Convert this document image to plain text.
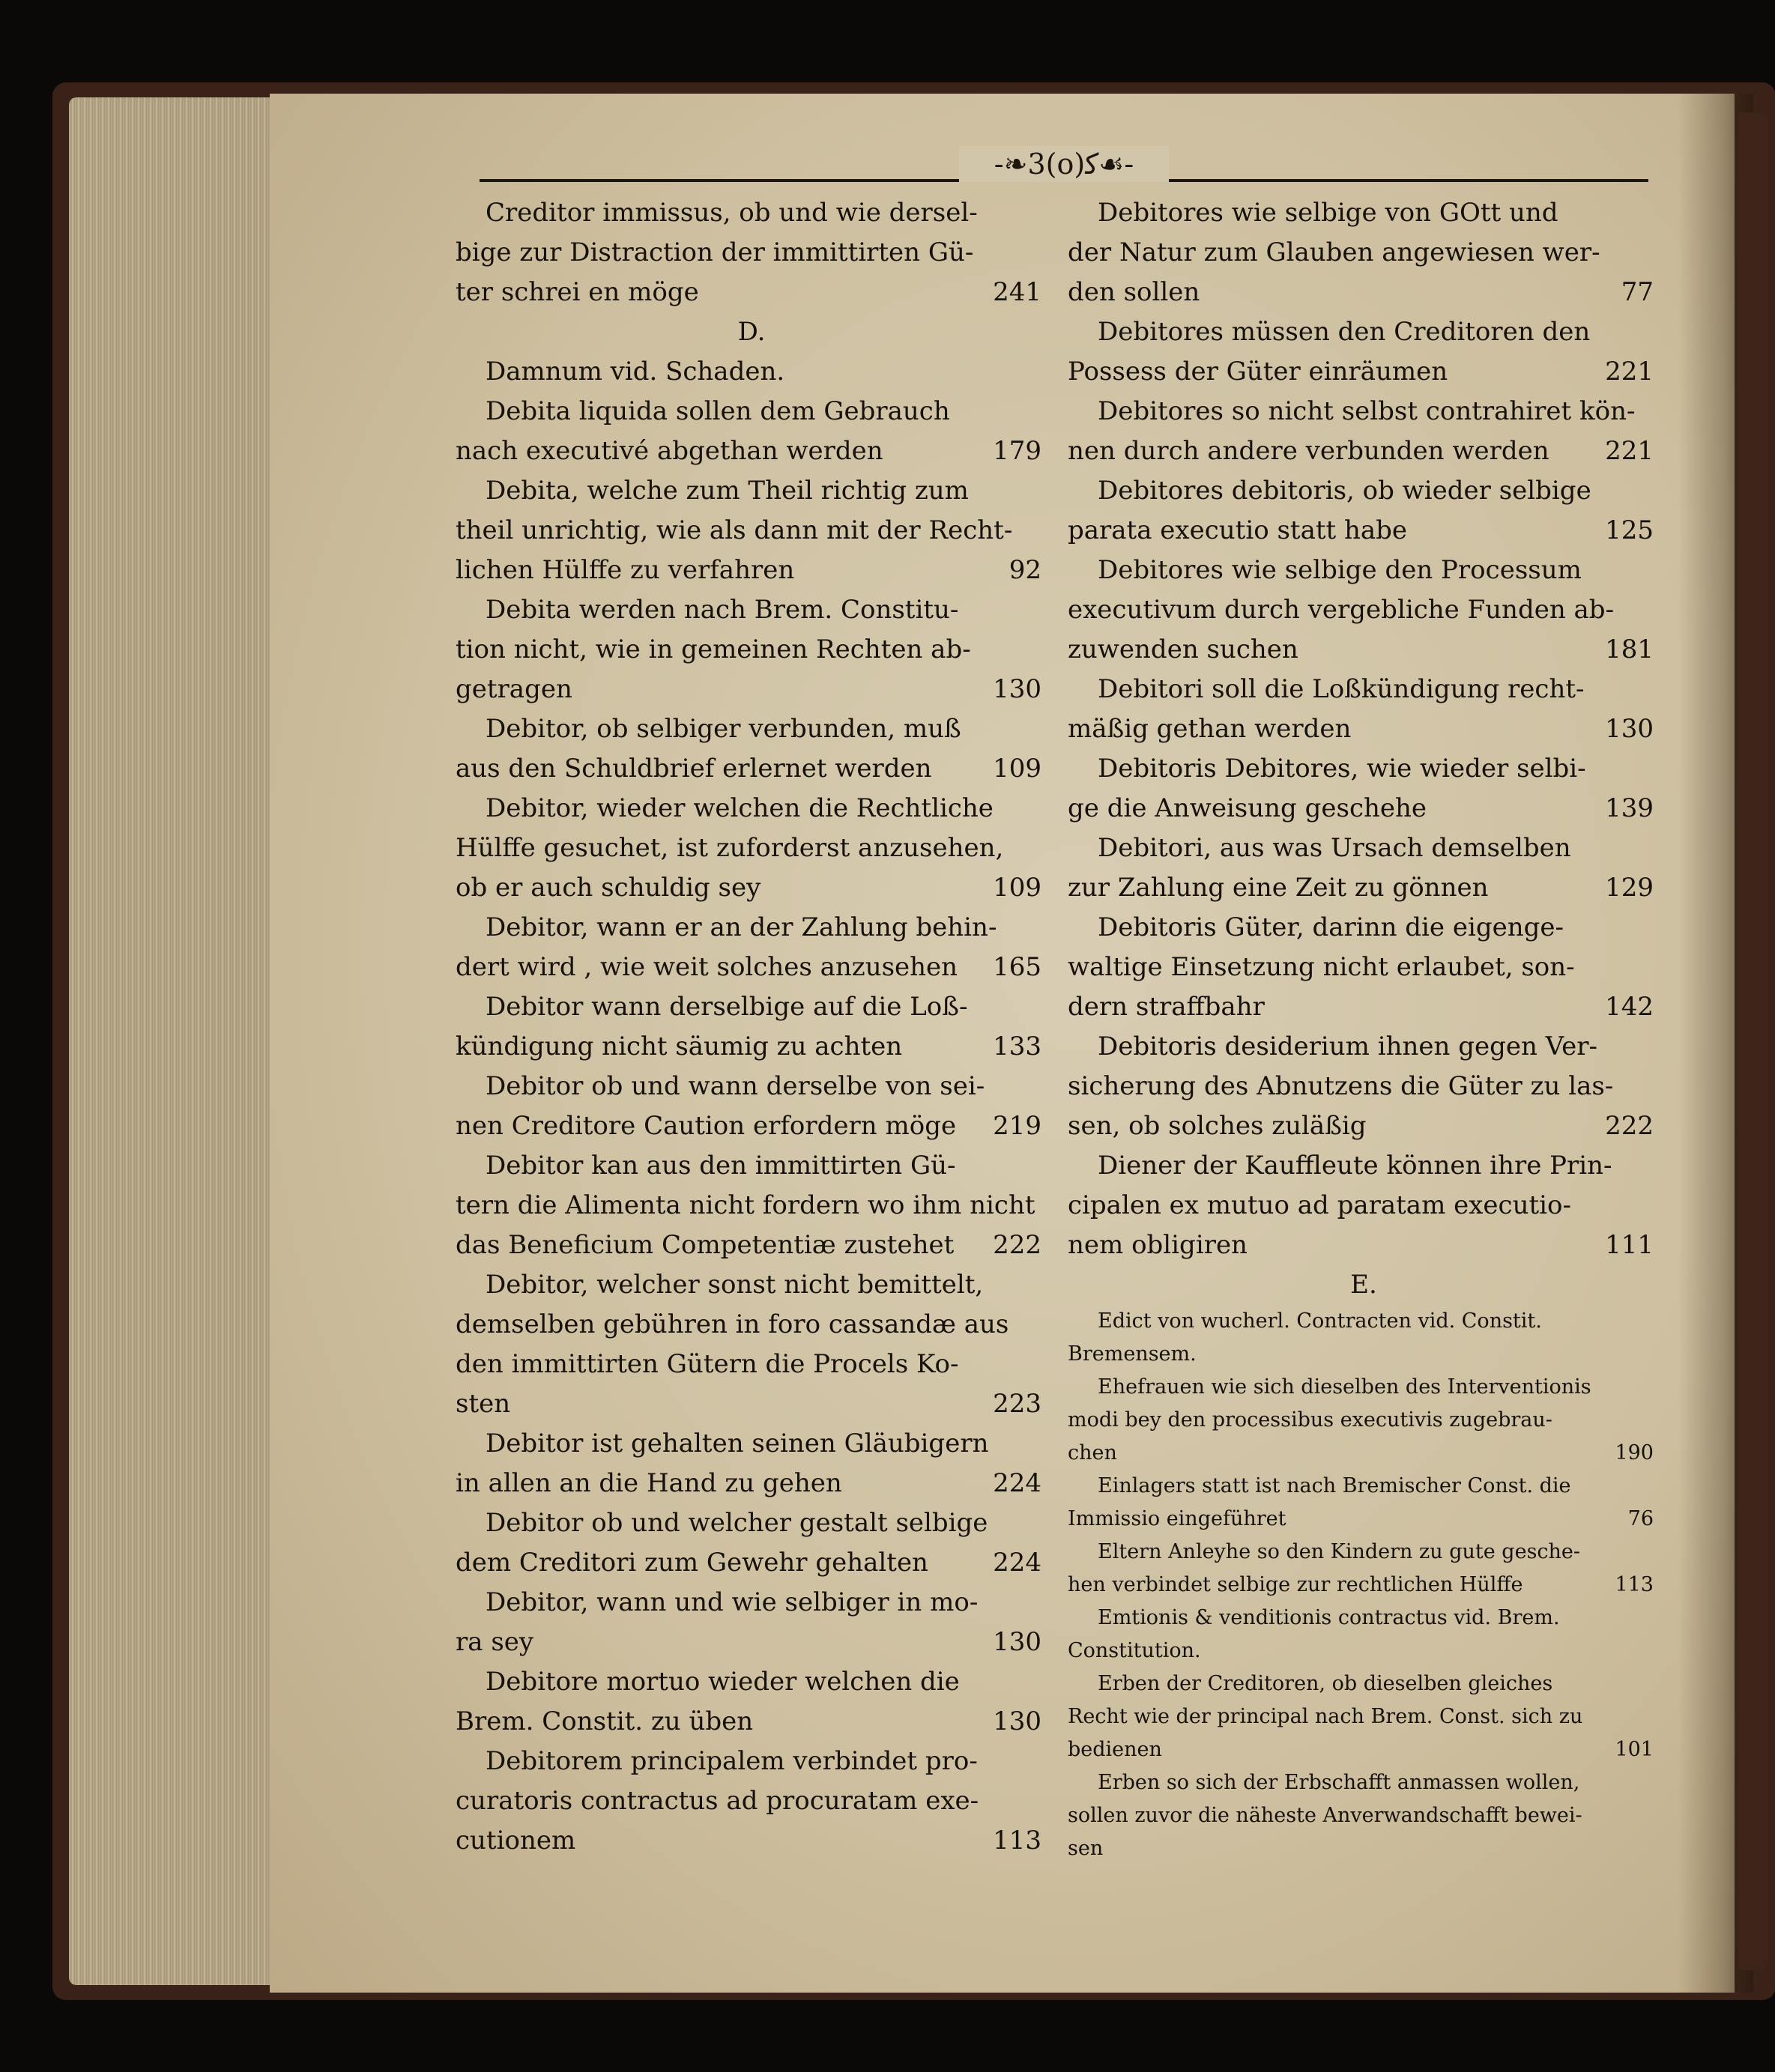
-❧3(o)ﻛ☙-
Creditor immissus, ob und wie dersel-
bige zur Distraction der immittirten Gü-
ter schrei en möge	241
D.
Damnum vid. Schaden.
Debita liquida sollen dem Gebrauch
nach executivé abgethan werden	179
Debita, welche zum Theil richtig zum
theil unrichtig, wie als dann mit der Recht-
lichen Hülffe zu verfahren	92
Debita werden nach Brem. Constitu-
tion nicht, wie in gemeinen Rechten ab-
getragen	130
Debitor, ob selbiger verbunden, muß
aus den Schuldbrief erlernet werden	109
Debitor, wieder welchen die Rechtliche
Hülffe gesuchet, ist zuforderst anzusehen,
ob er auch schuldig sey	109
Debitor, wann er an der Zahlung behin-
dert wird , wie weit solches anzusehen	165
Debitor wann derselbige auf die Loß-
kündigung nicht säumig zu achten	133
Debitor ob und wann derselbe von sei-
nen Creditore Caution erfordern möge	219
Debitor kan aus den immittirten Gü-
tern die Alimenta nicht fordern wo ihm nicht
das Beneficium Competentiæ zustehet	222
Debitor, welcher sonst nicht bemittelt,
demselben gebühren in foro cassandæ aus
den immittirten Gütern die Procels Ko-
sten	223
Debitor ist gehalten seinen Gläubigern
in allen an die Hand zu gehen	224
Debitor ob und welcher gestalt selbige
dem Creditori zum Gewehr gehalten	224
Debitor, wann und wie selbiger in mo-
ra sey	130
Debitore mortuo wieder welchen die
Brem. Constit. zu üben	130
Debitorem principalem verbindet pro-
curatoris contractus ad procuratam exe-
cutionem	113
Debitores wie selbige von GOtt und
der Natur zum Glauben angewiesen wer-
den sollen	77
Debitores müssen den Creditoren den
Possess der Güter einräumen	221
Debitores so nicht selbst contrahiret kön-
nen durch andere verbunden werden	221
Debitores debitoris, ob wieder selbige
parata executio statt habe	125
Debitores wie selbige den Processum
executivum durch vergebliche Funden ab-
zuwenden suchen	181
Debitori soll die Loßkündigung recht-
mäßig gethan werden	130
Debitoris Debitores, wie wieder selbi-
ge die Anweisung geschehe	139
Debitori, aus was Ursach demselben
zur Zahlung eine Zeit zu gönnen	129
Debitoris Güter, darinn die eigenge-
waltige Einsetzung nicht erlaubet, son-
dern straffbahr	142
Debitoris desiderium ihnen gegen Ver-
sicherung des Abnutzens die Güter zu las-
sen, ob solches zuläßig	222
Diener der Kauffleute können ihre Prin-
cipalen ex mutuo ad paratam executio-
nem obligiren	111
E.
Edict von wucherl. Contracten vid. Constit.
Bremensem.
Ehefrauen wie sich dieselben des Interventionis
modi bey den processibus executivis zugebrau-
chen	190
Einlagers statt ist nach Bremischer Const. die
Immissio eingeführet	76
Eltern Anleyhe so den Kindern zu gute gesche-
hen verbindet selbige zur rechtlichen Hülffe	113
Emtionis & venditionis contractus vid. Brem.
Constitution.
Erben der Creditoren, ob dieselben gleiches
Recht wie der principal nach Brem. Const. sich zu
bedienen	101
Erben so sich der Erbschafft anmassen wollen,
sollen zuvor die näheste Anverwandschafft bewei-
sen
